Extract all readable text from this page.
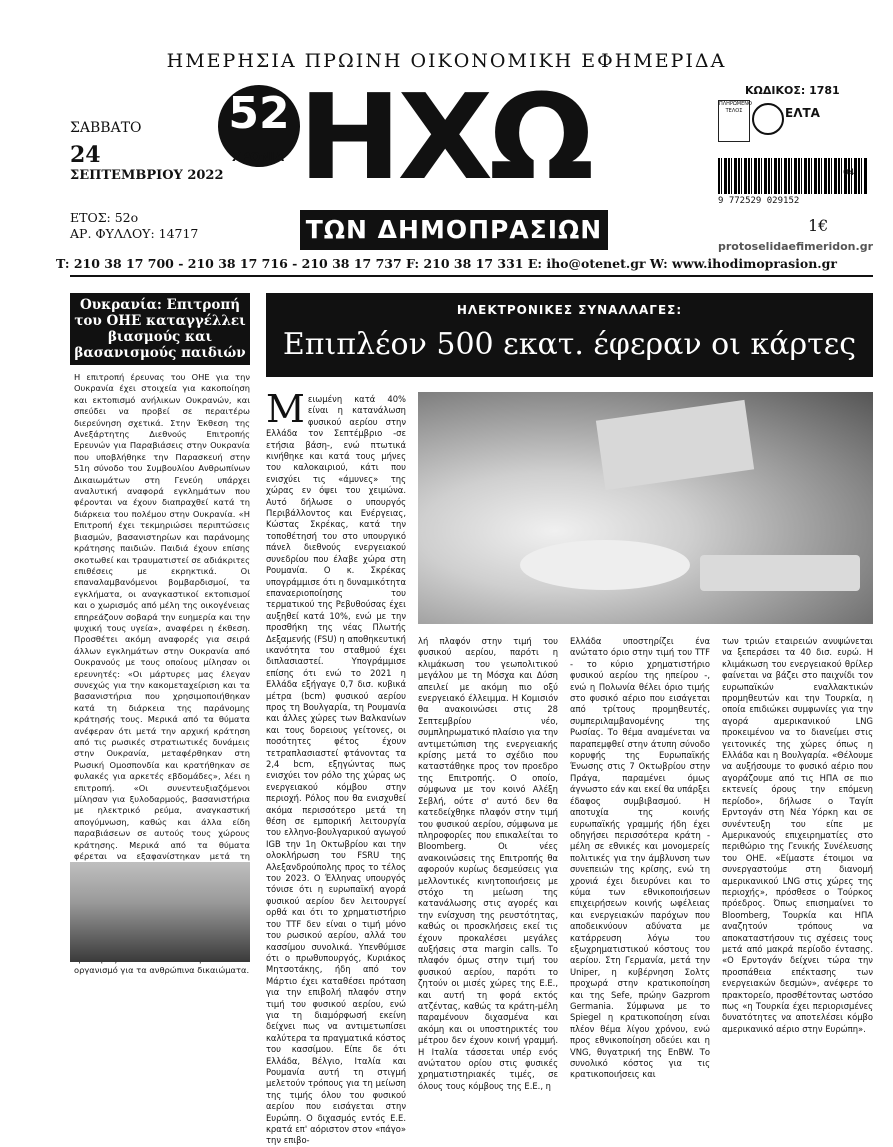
ΗΜΕΡΗΣΙΑ ΠΡΩΙΝΗ ΟΙΚΟΝΟΜΙΚΗ ΕΦΗΜΕΡΙΔΑ
52
ΧΡΟΝΙΑ ΗΧΩ
ΤΩΝ ΔΗΜΟΠΡΑΣΙΩΝ
ΣΑΒΒΑΤΟ
24
ΣΕΠΤΕΜΒΡΙΟΥ 2022
ΕΤΟΣ: 52ο
ΑΡ. ΦΥΛΛΟΥ: 14717
ΚΩΔΙΚΟΣ: 1781
ΠΛΗΡΩΜΕΝΟ ΤΕΛΟΣ	ΕΛΤΑ
04
9 772529 029152
1€
protoselidaefimeridon.gr
T: 210 38 17 700 - 210 38 17 716 - 210 38 17 737 F: 210 38 17 331 E: iho@otenet.gr W: www.ihodimoprasion.gr
Ουκρανία: Επιτροπή του ΟΗΕ καταγγέλλει βιασμούς και βασανισμούς παιδιών
Η επιτροπή έρευνας του ΟΗΕ για την Ουκρανία έχει στοιχεία για κακοποίηση και εκτοπισμό ανήλικων Ουκρανών, και σπεύδει να προβεί σε περαιτέρω διερεύνηση σχετικά. Στην Έκθεση της Ανεξάρτητης Διεθνούς Επιτροπής Ερευνών για Παραβιάσεις στην Ουκρανία που υποβλήθηκε την Παρασκευή στην 51η σύνοδο του Συμβουλίου Ανθρωπίνων Δικαιωμάτων στη Γενεύη υπάρχει αναλυτική αναφορά εγκλημάτων που φέρονται να έχουν διαπραχθεί κατά τη διάρκεια του πολέμου στην Ουκρανία. «Η Επιτροπή έχει τεκμηριώσει περιπτώσεις βιασμών, βασανιστηρίων και παράνομης κράτησης παιδιών. Παιδιά έχουν επίσης σκοτωθεί και τραυματιστεί σε αδιάκριτες επιθέσεις με εκρηκτικά. Οι επαναλαμβανόμενοι βομβαρδισμοί, τα εγκλήματα, οι αναγκαστικοί εκτοπισμοί και ο χωρισμός από μέλη της οικογένειας επηρεάζουν σοβαρά την ευημερία και την ψυχική τους υγεία», αναφέρει η έκθεση. Προσθέτει ακόμη αναφορές για σειρά άλλων εγκλημάτων στην Ουκρανία από Ουκρανούς με τους οποίους μίλησαν οι ερευνητές: «Οι μάρτυρες μας έλεγαν συνεχώς για την κακομεταχείριση και τα βασανιστήρια που χρησιμοποιήθηκαν κατά τη διάρκεια της παράνομης κράτησής τους. Μερικά από τα θύματα ανέφεραν ότι μετά την αρχική κράτηση από τις ρωσικές στρατιωτικές δυνάμεις στην Ουκρανία, μεταφέρθηκαν στη Ρωσική Ομοσπονδία και κρατήθηκαν σε φυλακές για αρκετές εβδομάδες», λέει η επιτροπή. «Οι συνεντευξιαζόμενοι μίλησαν για ξυλοδαρμούς, βασανιστήρια με ηλεκτρικό ρεύμα, αναγκαστική απογύμνωση, καθώς και άλλα είδη παραβιάσεων σε αυτούς τους χώρους κράτησης. Μερικά από τα θύματα φέρεται να εξαφανίστηκαν μετά τη οργανισμό για τα ανθρώπινα δικαιώματα.
ΗΛΕΚΤΡΟΝΙΚΕΣ ΣΥΝΑΛΛΑΓΕΣ:
Επιπλέον 500 εκατ. έφεραν οι κάρτες
Μειωμένη κατά 40% είναι η κατανάλωση φυσικού αερίου στην Ελλάδα τον Σεπτέμβριο -σε ετήσια βάση-, ενώ πτωτικά κινήθηκε και κατά τους μήνες του καλοκαιριού, κάτι που ενισχύει τις «άμυνες» της χώρας εν όψει του χειμώνα. Αυτό δήλωσε ο υπουργός Περιβάλλοντος και Ενέργειας, Κώστας Σκρέκας, κατά την τοποθέτησή του στο υπουργικό πάνελ διεθνούς ενεργειακού συνεδρίου που έλαβε χώρα στη Ρουμανία. Ο κ. Σκρέκας υπογράμμισε ότι η δυναμικότητα επαναεριοποίησης του τερματικού της Ρεβυθούσας έχει αυξηθεί κατά 10%, ενώ με την προσθήκη της νέας Πλωτής Δεξαμενής (FSU) η αποθηκευτική ικανότητα του σταθμού έχει διπλασιαστεί. Υπογράμμισε επίσης ότι ενώ το 2021 η Ελλάδα εξήγαγε 0,7 δισ. κυβικά μέτρα (bcm) φυσικού αερίου προς τη Βουλγαρία, τη Ρουμανία και άλλες χώρες των Βαλκανίων και τους δορειους γείτονες, οι ποσότητες φέτος έχουν τετραπλασιαστεί φτάνοντας τα 2,4 bcm, εξηγώντας πως ενισχύει τον ρόλο της χώρας ως ενεργειακού κόμβου στην περιοχή. Ρόλος που θα ενισχυθεί ακόμα περισσότερο μετά τη θέση σε εμπορική λειτουργία του ελληνο-βουλγαρικού αγωγού IGB την 1η Οκτωβρίου και την ολοκλήρωση του FSRU της Αλεξανδρούπολης προς το τέλος του 2023. Ο Έλληνας υπουργός τόνισε ότι η ευρωπαϊκή αγορά φυσικού αερίου δεν λειτουργεί ορθά και ότι το χρηματιστήριο του TTF δεν είναι ο τιμή μόνο του ρωσικού αερίου, αλλά του κασσίμου συνολικά. Υπενθύμισε ότι ο πρωθυπουργός, Κυριάκος Μητσοτάκης, ήδη από τον Μάρτιο έχει καταθέσει πρόταση για την επιβολή πλαφόν στην τιμή του φυσικού αερίου, ενώ για τη διαμόρφωσή εκείνη δείχνει πως να αντιμετωπίσει καλύτερα τα πραγματικά κόστος του κασσίμου. Είπε δε ότι Ελλάδα, Βέλγιο, Ιταλία και Ρουμανία αυτή τη στιγμή μελετούν τρόπους για τη μείωση της τιμής όλου του φυσικού αερίου που εισάγεται στην Ευρώπη. Ο διχασμός εντός Ε.Ε. κρατά επ' αόριστον στον «πάγο» την επιβο-
λή πλαφόν στην τιμή του φυσικού αερίου, παρότι η κλιμάκωση του γεωπολιτικού μεγάλου με τη Μόσχα και Δύση απειλεί με ακόμη πιο οξύ ενεργειακό έλλειμμα. Η Κομισιόν θα ανακοινώσει στις 28 Σεπτεμβρίου νέο, συμπληρωματικό πλαίσιο για την αντιμετώπιση της ενεργειακής κρίσης μετά το σχέδιο που καταστάθηκε προς τον προεδρο της Επιτροπής. Ο οποίο, σύμφωνα με τον κοινό Αλέξη Σεβλή, ούτε σ' αυτό δεν θα κατεδείχθηκε πλαφόν στην τιμή του φυσικού αερίου, σύμφωνα με πληροφορίες που επικαλείται το Bloomberg. Οι νέες ανακοινώσεις της Επιτροπής θα αφορούν κυρίως δεσμεύσεις για μελλοντικές κινητοποιήσεις με στόχο τη μείωση της κατανάλωσης στις αγορές και την ενίσχυση της ρευστότητας, καθώς οι προσκλήσεις εκεί τις έχουν προκαλέσει μεγάλες αυξήσεις στα margin calls. Το πλαφόν όμως στην τιμή του φυσικού αερίου, παρότι το ζητούν οι μισές χώρες της Ε.Ε., και αυτή τη φορά εκτός ατζέντας, καθώς τα κράτη-μέλη παραμένουν διχασμένα και ακόμη και οι υποστηρικτές του μέτρου δεν έχουν κοινή γραμμή. Η Ιταλία τάσσεται υπέρ ενός ανώτατου ορίου στις φυσικές χρηματιστηριακές τιμές, σε όλους τους κόμβους της Ε.Ε., η
Ελλάδα υποστηρίζει ένα ανώτατο όριο στην τιμή του TTF - το κύριο χρηματιστήριο φυσικού αερίου της ηπείρου -, ενώ η Πολωνία θέλει όριο τιμής στο φυσικό αέριο που εισάγεται από τρίτους προμηθευτές, συμπεριλαμβανομένης της Ρωσίας. Το θέμα αναμένεται να παραπεμφθεί στην άτυπη σύνοδο κορυφής της Ευρωπαϊκής Ένωσης στις 7 Οκτωβρίου στην Πράγα, παραμένει όμως άγνωστο εάν και εκεί θα υπάρξει έδαφος συμβιβασμού. Η αποτυχία της κοινής ευρωπαϊκής γραμμής ήδη έχει οδηγήσει περισσότερα κράτη - μέλη σε εθνικές και μονομερείς πολιτικές για την άμβλυνση των συνεπειών της κρίσης, ενώ τη χρονιά έχει διευρύνει και το κύμα των εθνικοποιήσεων επιχειρήσεων κοινής ωφέλειας και ενεργειακών παρόχων που αποδεικνύουν αδύνατα με κατάρρευση λόγω του εξωχρηματιστικού κόστους του αερίου. Στη Γερμανία, μετά την Uniper, η κυβέρνηση Σολτς προχωρά στην κρατικοποίηση και της Sefe, πρώην Gazprom Germania. Σύμφωνα με το Spiegel η κρατικοποίηση είναι πλέον θέμα λίγου χρόνου, ενώ προς εθνικοποίηση οδεύει και η VNG, θυγατρική της EnBW. Το συνολικό κόστος για τις κρατικοποιήσεις και
των τριών εταιρειών ανυψώνεται να ξεπεράσει τα 40 δισ. ευρώ. Η κλιμάκωση του ενεργειακού θρίλερ φαίνεται να βάζει στο παιχνίδι τον ευρωπαϊκών εναλλακτικών προμηθευτών και την Τουρκία, η οποία επιδιώκει συμφωνίες για την αγορά αμερικανικού LNG προκειμένου να το διανείμει στις γειτονικές της χώρες όπως η Ελλάδα και η Βουλγαρία. «Θέλουμε να αυξήσουμε το φυσικό αέριο που αγοράζουμε από τις ΗΠΑ σε πιο εκτενείς όρους την επόμενη περίοδο», δήλωσε ο Ταγίπ Ερντογάν στη Νέα Υόρκη και σε συνέντευξη του είπε με Αμερικανούς επιχειρηματίες στο περιθώριο της Γενικής Συνέλευσης του ΟΗΕ. «Είμαστε έτοιμοι να συνεργαστούμε στη διανομή αμερικανικού LNG στις χώρες της περιοχής», πρόσθεσε ο Τούρκος πρόεδρος. Όπως επισημαίνει το Bloomberg, Τουρκία και ΗΠΑ αναζητούν τρόπους να αποκαταστήσουν τις σχέσεις τους μετά από μακρά περίοδο έντασης. «Ο Ερντογάν δείχνει τώρα την προσπάθεια επέκτασης των ενεργειακών δεσμών», ανέφερε το πρακτορείο, προσθέτοντας ωστόσο πως «η Τουρκία έχει περιορισμένες δυνατότητες να αποτελέσει κόμβο αμερικανικό αέριο στην Ευρώπη».
